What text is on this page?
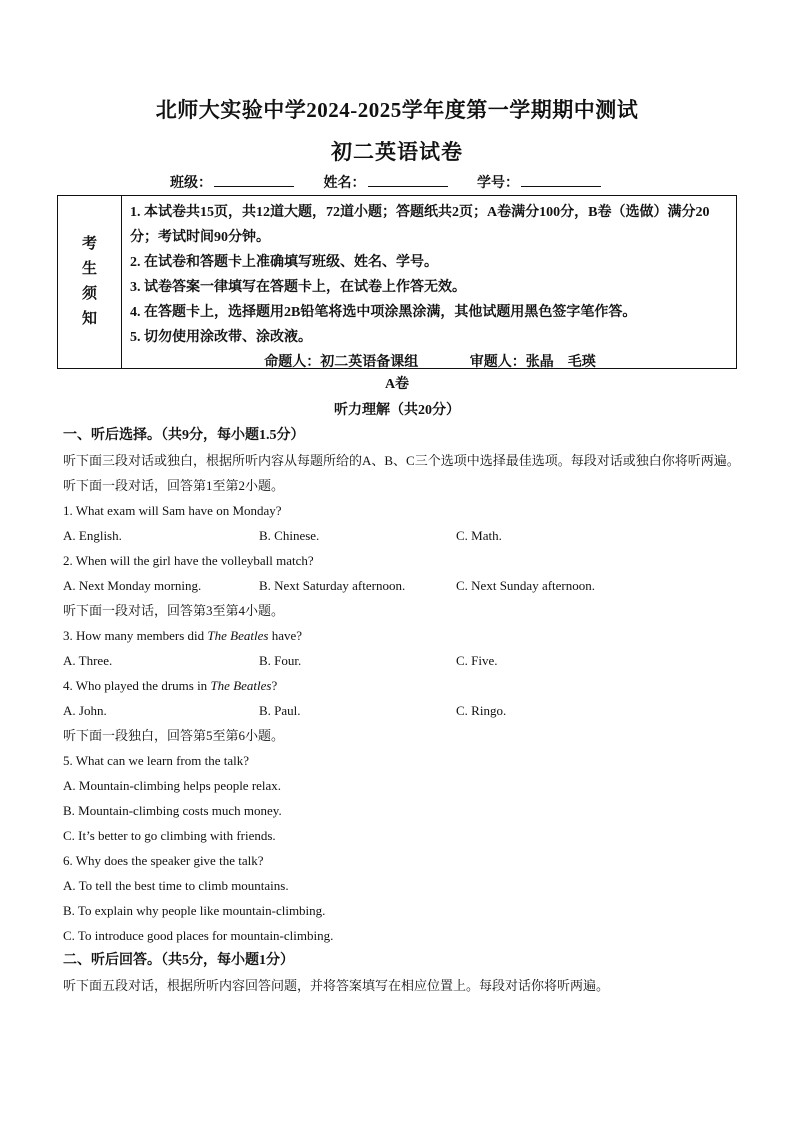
北师大实验中学2024-2025学年度第一学期期中测试
初二英语试卷
班级：	姓名：	学号：
考
生
须
知
1. 本试卷共15页，共12道大题，72道小题；答题纸共2页；A卷满分100分，B卷（选做）满分20分；考试时间90分钟。
2. 在试卷和答题卡上准确填写班级、姓名、学号。
3. 试卷答案一律填写在答题卡上，在试卷上作答无效。
4. 在答题卡上，选择题用2B铅笔将选中项涂黑涂满，其他试题用黑色签字笔作答。
5. 切勿使用涂改带、涂改液。
命题人：初二英语备课组	审题人：张晶　毛瑛
A卷
听力理解（共20分）
一、听后选择。（共9分，每小题1.5分）
听下面三段对话或独白，根据所听内容从每题所给的A、B、C三个选项中选择最佳选项。每段对话或独白你将听两遍。
听下面一段对话，回答第1至第2小题。
1. What exam will Sam have on Monday?
A. English.	B. Chinese.	C. Math.
2. When will the girl have the volleyball match?
A. Next Monday morning.	B. Next Saturday afternoon.	C. Next Sunday afternoon.
听下面一段对话，回答第3至第4小题。
3. How many members did The Beatles have?
A. Three.	B. Four.	C. Five.
4. Who played the drums in The Beatles?
A. John.	B. Paul.	C. Ringo.
听下面一段独白，回答第5至第6小题。
5. What can we learn from the talk?
A. Mountain-climbing helps people relax.
B. Mountain-climbing costs much money.
C. It’s better to go climbing with friends.
6. Why does the speaker give the talk?
A. To tell the best time to climb mountains.
B. To explain why people like mountain-climbing.
C. To introduce good places for mountain-climbing.
二、听后回答。（共5分，每小题1分）
听下面五段对话，根据所听内容回答问题，并将答案填写在相应位置上。每段对话你将听两遍。
